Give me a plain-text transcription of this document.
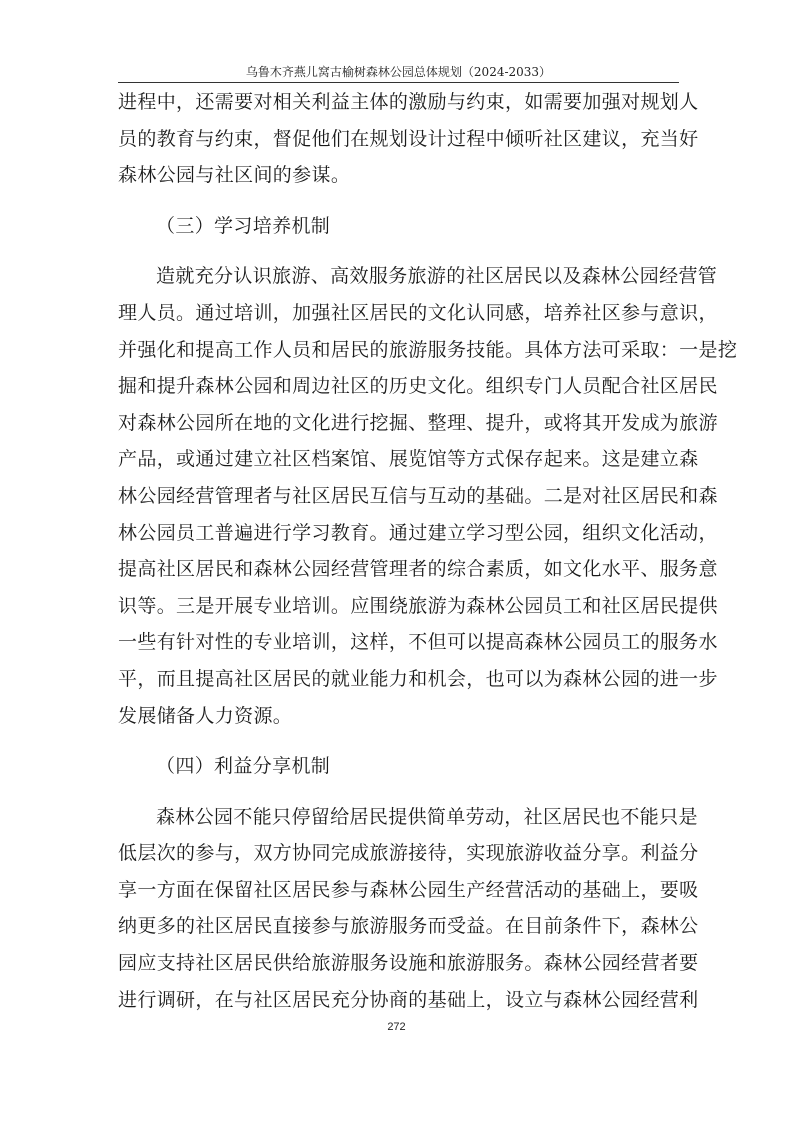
乌鲁木齐燕儿窝古榆树森林公园总体规划（2024-2033）
进程中，还需要对相关利益主体的激励与约束，如需要加强对规划人
员的教育与约束，督促他们在规划设计过程中倾听社区建议，充当好
森林公园与社区间的参谋。
（三）学习培养机制
造就充分认识旅游、高效服务旅游的社区居民以及森林公园经营管
理人员。通过培训，加强社区居民的文化认同感，培养社区参与意识，
并强化和提高工作人员和居民的旅游服务技能。具体方法可采取：一是挖
掘和提升森林公园和周边社区的历史文化。组织专门人员配合社区居民
对森林公园所在地的文化进行挖掘、整理、提升，或将其开发成为旅游
产品，或通过建立社区档案馆、展览馆等方式保存起来。这是建立森
林公园经营管理者与社区居民互信与互动的基础。二是对社区居民和森
林公园员工普遍进行学习教育。通过建立学习型公园，组织文化活动，
提高社区居民和森林公园经营管理者的综合素质，如文化水平、服务意
识等。三是开展专业培训。应围绕旅游为森林公园员工和社区居民提供
一些有针对性的专业培训，这样，不但可以提高森林公园员工的服务水
平，而且提高社区居民的就业能力和机会，也可以为森林公园的进一步
发展储备人力资源。
（四）利益分享机制
森林公园不能只停留给居民提供简单劳动，社区居民也不能只是
低层次的参与，双方协同完成旅游接待，实现旅游收益分享。利益分
享一方面在保留社区居民参与森林公园生产经营活动的基础上，要吸
纳更多的社区居民直接参与旅游服务而受益。在目前条件下，森林公
园应支持社区居民供给旅游服务设施和旅游服务。森林公园经营者要
进行调研，在与社区居民充分协商的基础上，设立与森林公园经营利
272
